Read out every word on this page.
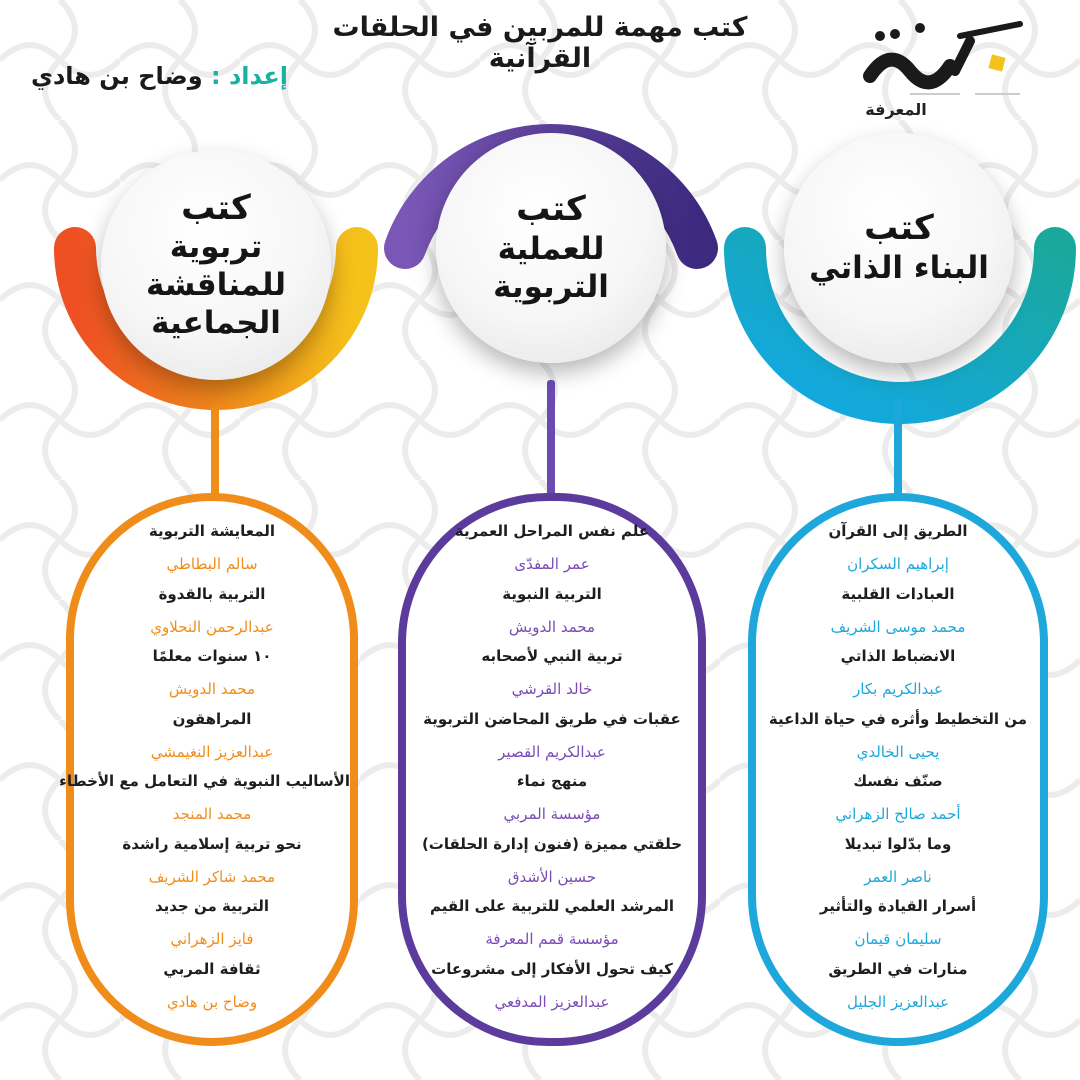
كتب مهمة للمربين في الحلقات القرآنية
إعداد : وضاح بن هادي
المعرفة
كتب
البناء الذاتي
كتب
للعملية التربوية
كتب
تربوية للمناقشة
الجماعية
الطريق إلى القرآن
إبراهيم السكران
العبادات القلبية
محمد موسى الشريف
الانضباط الذاتي
عبدالكريم بكار
من التخطيط وأثره في حياة الداعية
يحيى الخالدي
صنّف نفسك
أحمد صالح الزهراني
وما بدّلوا تبديلا
ناصر العمر
أسرار القيادة والتأثير
سليمان قيمان
منارات في الطريق
عبدالعزيز الجليل
علم نفس المراحل العمرية
عمر المفدّى
التربية النبوية
محمد الدويش
تربية النبي لأصحابه
خالد القرشي
عقبات في طريق المحاضن التربوية
عبدالكريم القصير
منهج نماء
مؤسسة المربي
حلقتي مميزة (فنون إدارة الحلقات)
حسين الأشدق
المرشد العلمي للتربية على القيم
مؤسسة قمم المعرفة
كيف تحول الأفكار إلى مشروعات
عبدالعزيز المدفعي
المعايشة التربوية
سالم البطاطي
التربية بالقدوة
عبدالرحمن النحلاوي
١٠ سنوات معلمًا
محمد الدويش
المراهقون
عبدالعزيز النغيمشي
الأساليب النبوية في التعامل مع الأخطاء
محمد المنجد
نحو تربية إسلامية راشدة
محمد شاكر الشريف
التربية من جديد
فايز الزهراني
ثقافة المربي
وضاح بن هادي
